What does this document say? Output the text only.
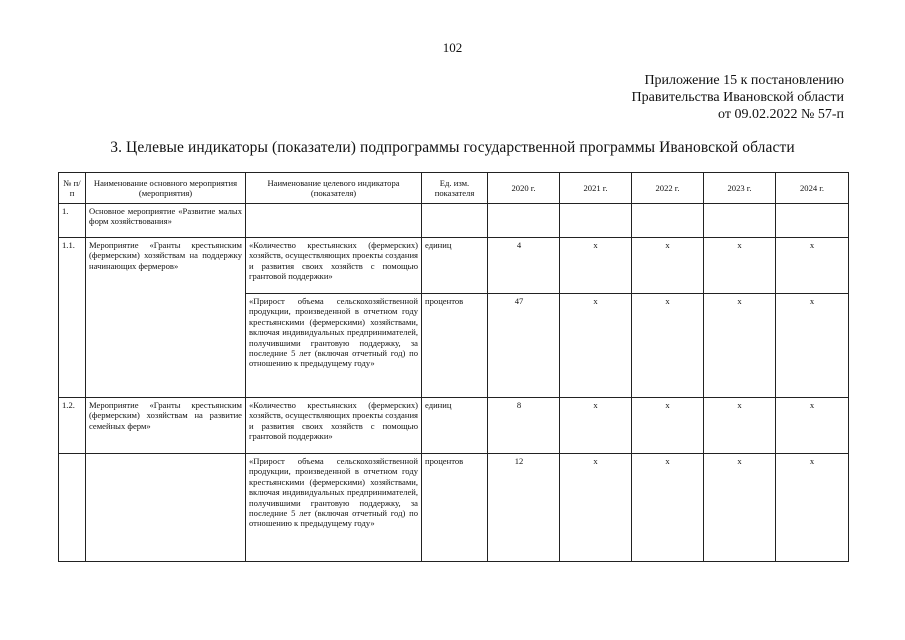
102
Приложение 15 к постановлению
Правительства Ивановской области
от 09.02.2022 № 57-п
3. Целевые индикаторы (показатели) подпрограммы государственной программы Ивановской области
№ п/п	Наименование основного мероприятия (мероприятия)	Наименование целевого индикатора (показателя)	Ед. изм. показателя	2020 г.	2021 г.	2022 г.	2023 г.	2024 г.
1.	Основное мероприятие «Развитие малых форм хозяйствования»							
1.1.	Мероприятие «Гранты крестьянским (фермерским) хозяйствам на поддержку начинающих фермеров»	«Количество крестьянских (фермерских) хозяйств, осуществляющих проекты создания и развития своих хозяйств с помощью грантовой поддержки»	единиц	4	x	x	x	x
		«Прирост объема сельскохозяйственной продукции, произведенной в отчетном году крестьянскими (фермерскими) хозяйствами, включая индивидуальных предпринимателей, получившими грантовую поддержку, за последние 5 лет (включая отчетный год) по отношению к предыдущему году»	процентов	47	x	x	x	x
1.2.	Мероприятие «Гранты крестьянским (фермерским) хозяйствам на развитие семейных ферм»	«Количество крестьянских (фермерских) хозяйств, осуществляющих проекты создания и развития своих хозяйств с помощью грантовой поддержки»	единиц	8	x	x	x	x
		«Прирост объема сельскохозяйственной продукции, произведенной в отчетном году крестьянскими (фермерскими) хозяйствами, включая индивидуальных предпринимателей, получившими грантовую поддержку, за последние 5 лет (включая отчетный год) по отношению к предыдущему году»	процентов	12	x	x	x	x
